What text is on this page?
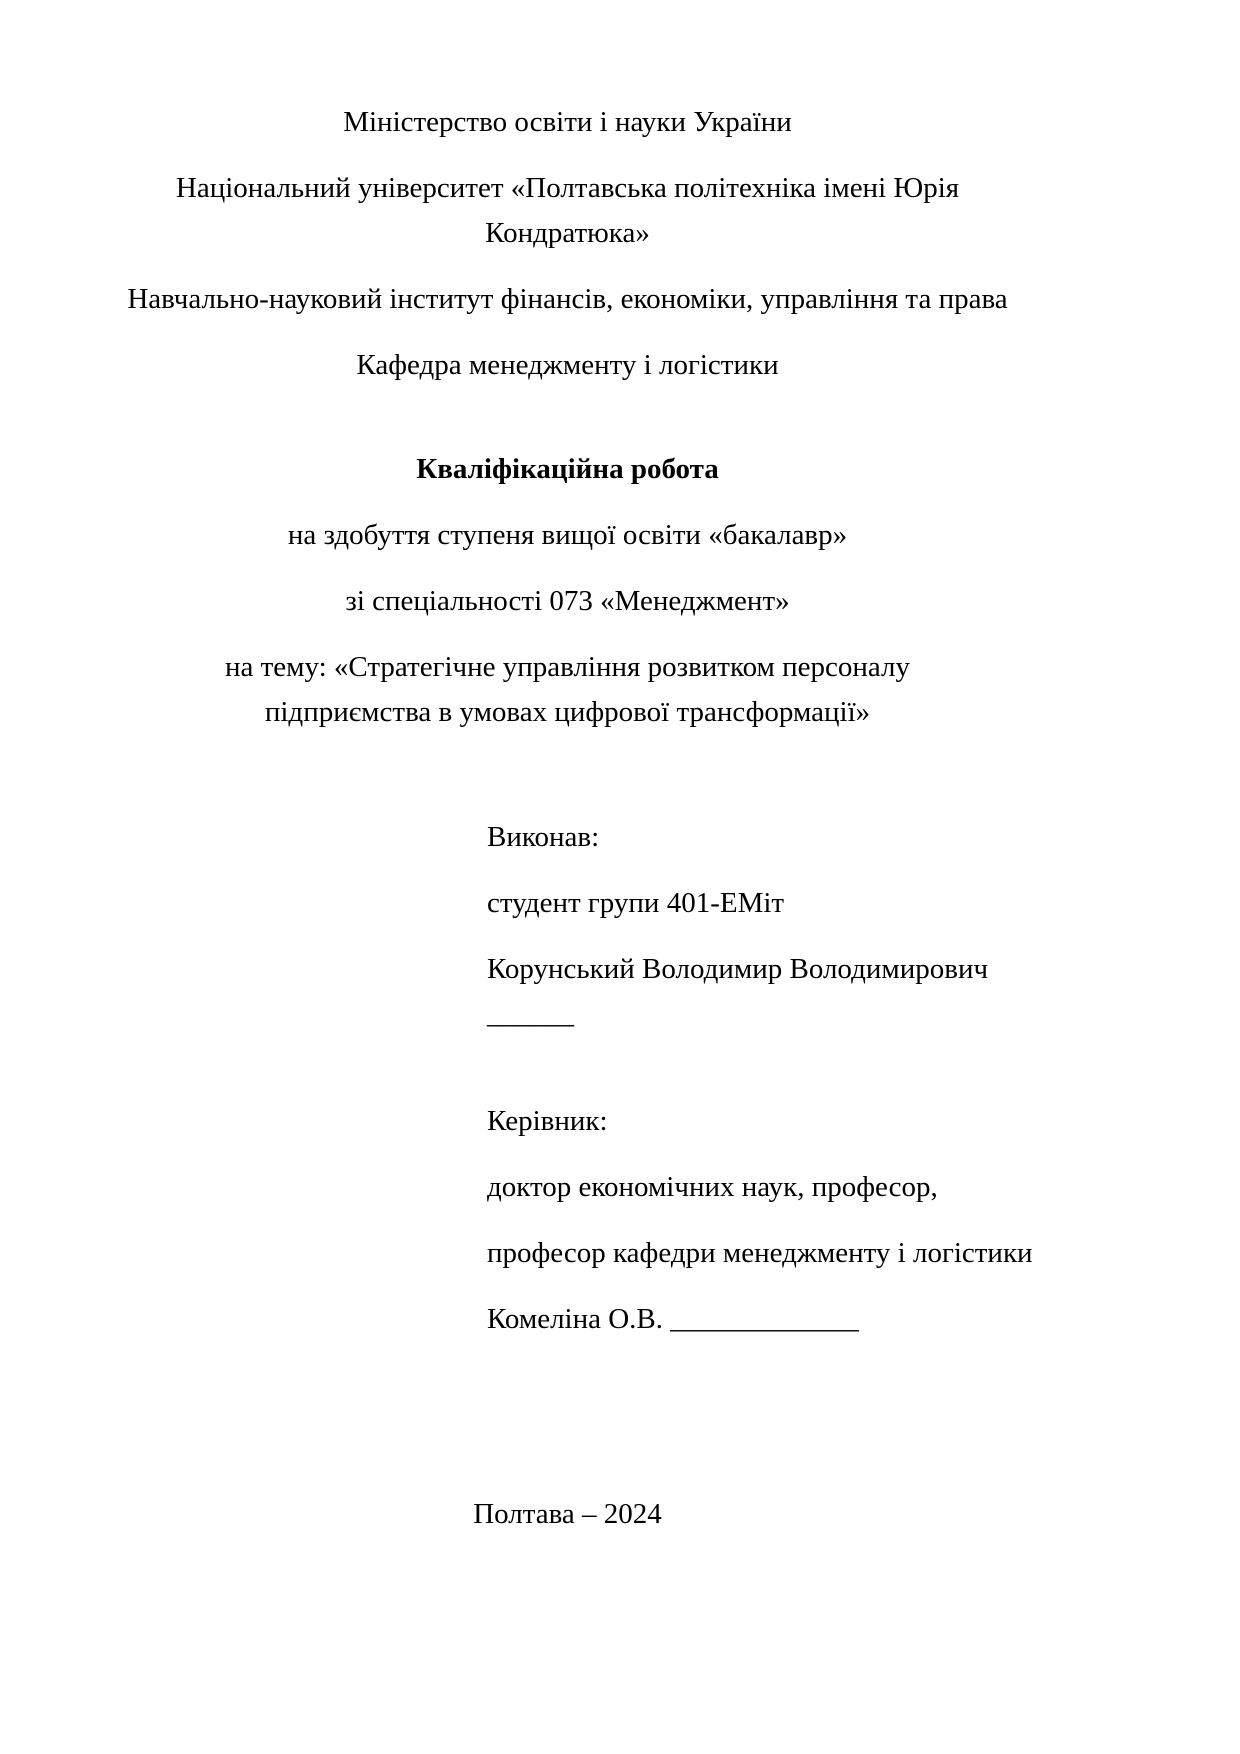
Міністерство освіти і науки України

Національний університет «Полтавська політехніка імені Юрія Кондратюка»

Навчально-науковий інститут фінансів, економіки, управління та права

Кафедра менеджменту і логістики

Кваліфікаційна робота

на здобуття ступеня вищої освіти «бакалавр»

зі спеціальності 073 «Менеджмент»

на тему: «Стратегічне управління розвитком персоналу підприємства в умовах цифрової трансформації»

Виконав:

студент групи 401-ЕМіт

Корунський Володимир Володимирович ______

Керівник:

доктор економічних наук, професор,

професор кафедри менеджменту і логістики

Комеліна О.В. _____________

Полтава – 2024
